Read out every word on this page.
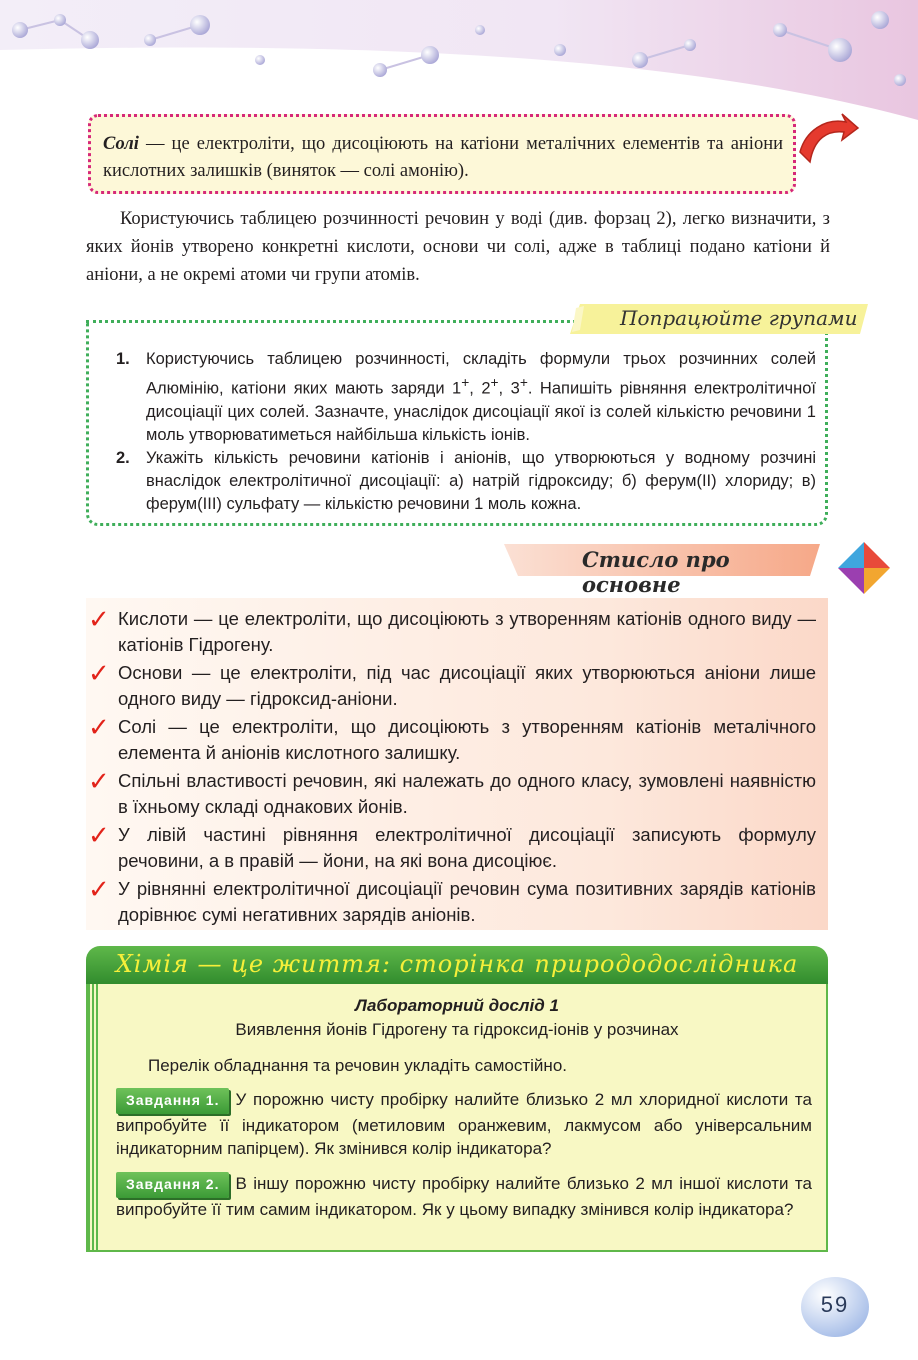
Солі — це електроліти, що дисоціюють на катіони металічних елементів та аніони кислотних залишків (виняток — солі амонію).
Користуючись таблицею розчинності речовин у воді (див. форзац 2), легко визначити, з яких йонів утворено конкретні кислоти, основи чи солі, адже в таблиці подано катіони й аніони, а не окремі атоми чи групи атомів.
Попрацюйте групами
1. Користуючись таблицею розчинності, складіть формули трьох розчинних солей Алюмінію, катіони яких мають заряди 1+, 2+, 3+. Напишіть рівняння електролітичної дисоціації цих солей. Зазначте, унаслідок дисоціації якої із солей кількістю речовини 1 моль утворюватиметься найбільша кількість іонів.
2. Укажіть кількість речовини катіонів і аніонів, що утворюються у водному розчині внаслідок електролітичної дисоціації: а) натрій гідроксиду; б) ферум(ІІ) хлориду; в) ферум(ІІІ) сульфату — кількістю речовини 1 моль кожна.
Стисло про основне
✓ Кислоти — це електроліти, що дисоціюють з утворенням катіонів одного виду — катіонів Гідрогену.
✓ Основи — це електроліти, під час дисоціації яких утворюються аніони лише одного виду — гідроксид-аніони.
✓ Солі — це електроліти, що дисоціюють з утворенням катіонів металічного елемента й аніонів кислотного залишку.
✓ Спільні властивості речовин, які належать до одного класу, зумовлені наявністю в їхньому складі однакових йонів.
✓ У лівій частині рівняння електролітичної дисоціації записують формулу речовини, а в правій — йони, на які вона дисоціює.
✓ У рівнянні електролітичної дисоціації речовин сума позитивних зарядів катіонів дорівнює сумі негативних зарядів аніонів.
Хімія — це життя: сторінка природодослідника
Лабораторний дослід 1
Виявлення йонів Гідрогену та гідроксид-іонів у розчинах
Перелік обладнання та речовин укладіть самостійно.
Завдання 1. У порожню чисту пробірку налийте близько 2 мл хлоридної кислоти та випробуйте її індикатором (метиловим оранжевим, лакмусом або універсальним індикаторним папірцем). Як змінився колір індикатора?
Завдання 2. В іншу порожню чисту пробірку налийте близько 2 мл іншої кислоти та випробуйте її тим самим індикатором. Як у цьому випадку змінився колір індикатора?
59
